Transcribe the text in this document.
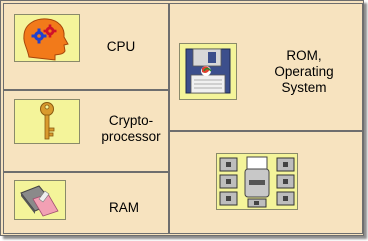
CPU
Crypto-
processor
RAM
ROM,
Operating
System
